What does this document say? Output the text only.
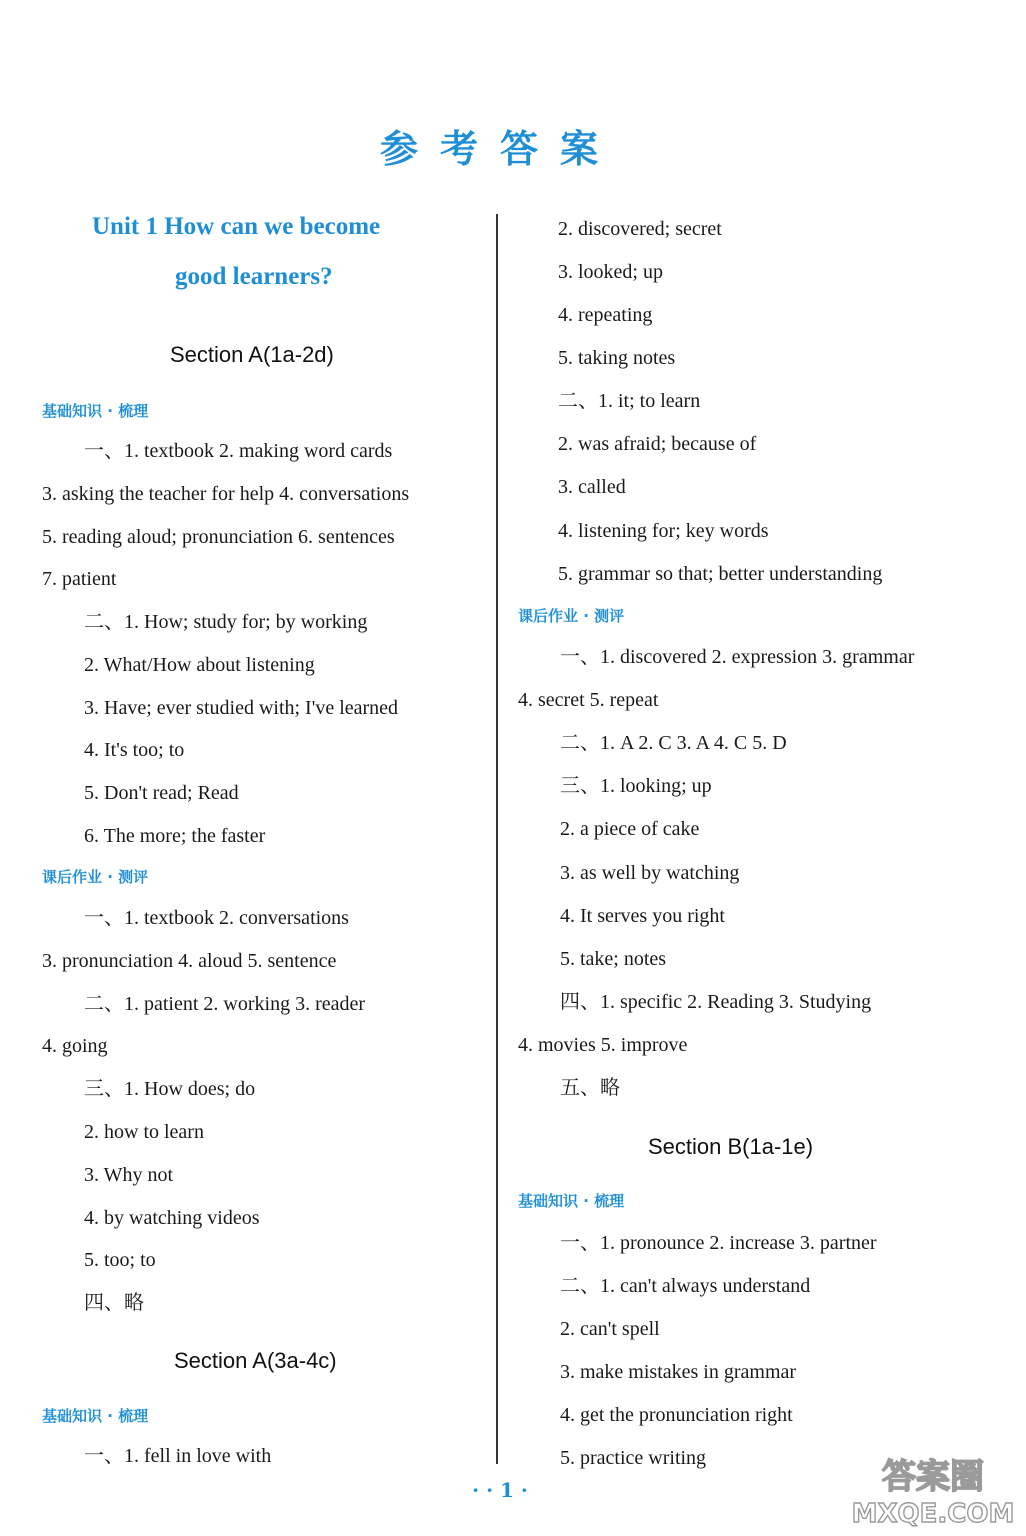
参考答案
Unit 1 How can we become
good learners?
Section A(1a-2d)
基础知识 · 梳理
一、1. textbook 2. making word cards
3. asking the teacher for help 4. conversations
5. reading aloud; pronunciation 6. sentences
7. patient
二、1. How; study for; by working
2. What/How about listening
3. Have; ever studied with; I've learned
4. It's too; to
5. Don't read; Read
6. The more; the faster
课后作业 · 测评
一、1. textbook 2. conversations
3. pronunciation 4. aloud 5. sentence
二、1. patient 2. working 3. reader
4. going
三、1. How does; do
2. how to learn
3. Why not
4. by watching videos
5. too; to
四、略
Section A(3a-4c)
基础知识 · 梳理
一、1. fell in love with
2. discovered; secret
3. looked; up
4. repeating
5. taking notes
二、1. it; to learn
2. was afraid; because of
3. called
4. listening for; key words
5. grammar so that; better understanding
课后作业 · 测评
一、1. discovered 2. expression 3. grammar
4. secret 5. repeat
二、1. A 2. C 3. A 4. C 5. D
三、1. looking; up
2. a piece of cake
3. as well by watching
4. It serves you right
5. take; notes
四、1. specific 2. Reading 3. Studying
4. movies 5. improve
五、略
Section B(1a-1e)
基础知识 · 梳理
一、1. pronounce 2. increase 3. partner
二、1. can't always understand
2. can't spell
3. make mistakes in grammar
4. get the pronunciation right
5. practice writing
· · 1 ·	答案圈
MXQE.COM
